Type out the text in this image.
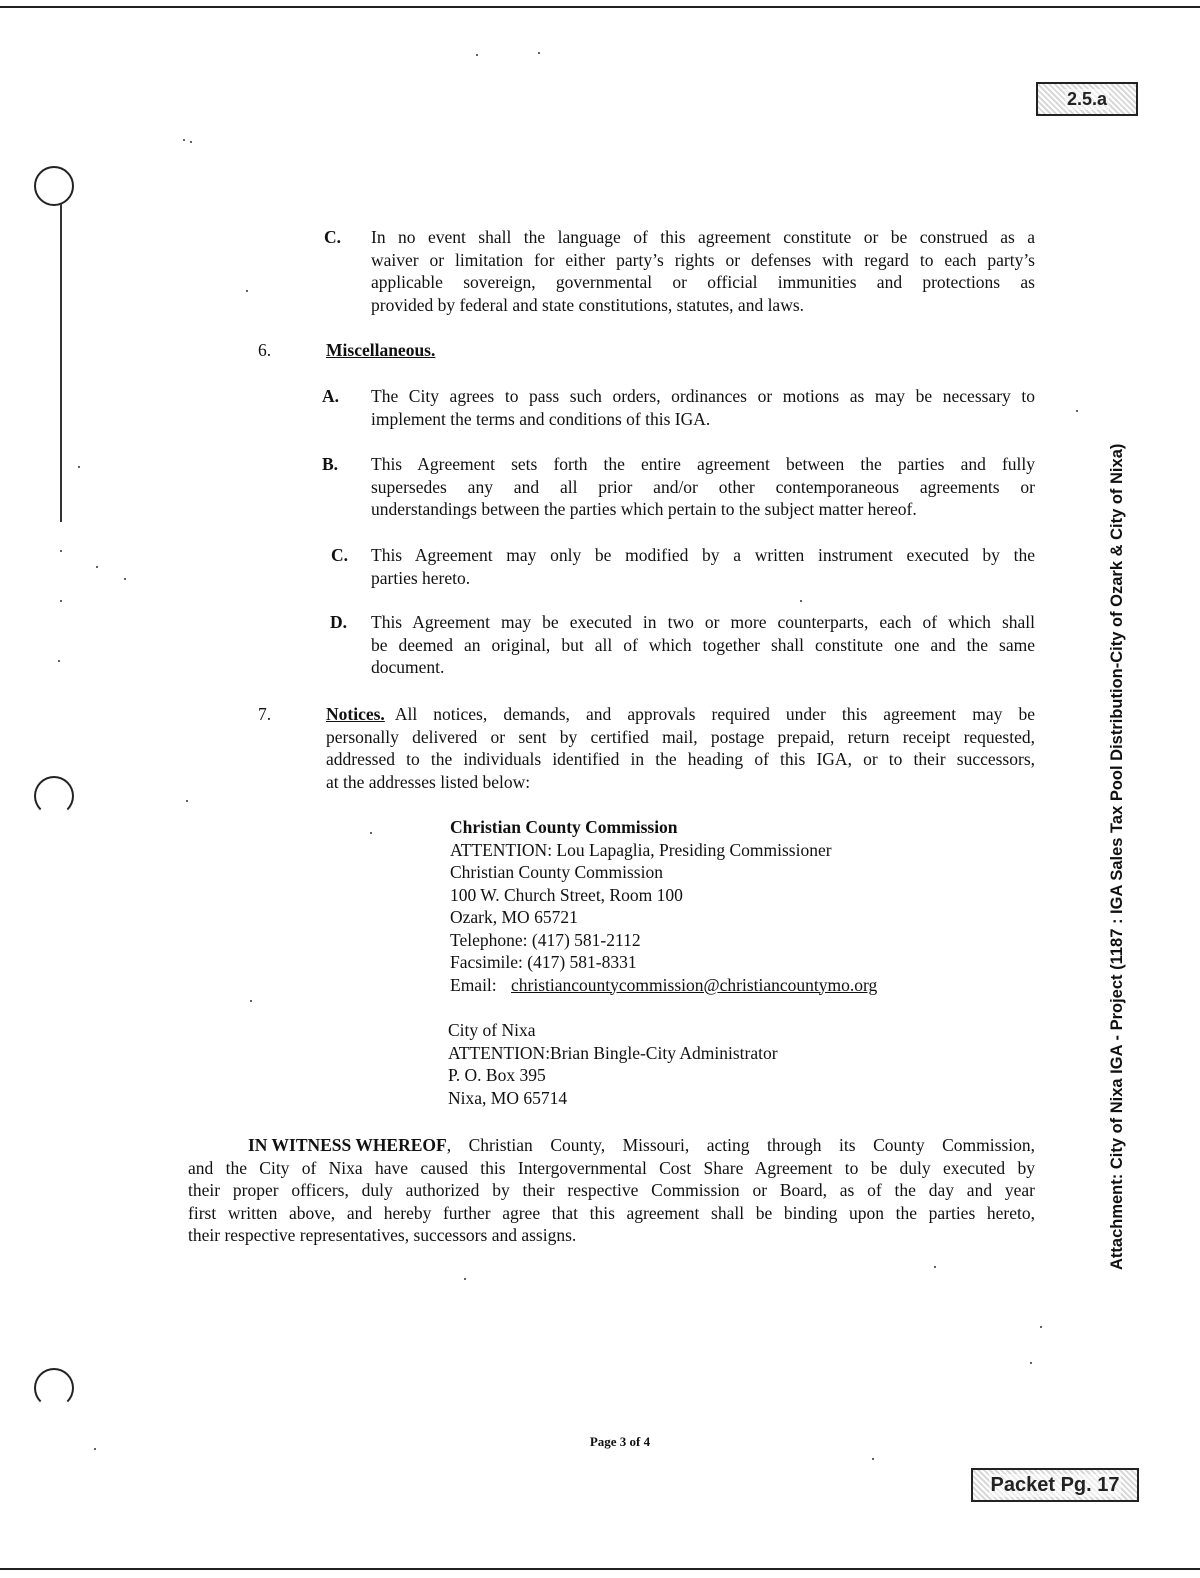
2.5.a
Attachment: City of Nixa IGA - Project (1187 : IGA Sales Tax Pool Distribution-City of Ozark & City of Nixa)
C. In no event shall the language of this agreement constitute or be construed as a
waiver or limitation for either party’s rights or defenses with regard to each party’s
applicable sovereign, governmental or official immunities and protections as
provided by federal and state constitutions, statutes, and laws.
6.	Miscellaneous.
A. The City agrees to pass such orders, ordinances or motions as may be necessary to
implement the terms and conditions of this IGA.
B. This Agreement sets forth the entire agreement between the parties and fully
supersedes any and all prior and/or other contemporaneous agreements or
understandings between the parties which pertain to the subject matter hereof.
C. This Agreement may only be modified by a written instrument executed by the
parties hereto.
D. This Agreement may be executed in two or more counterparts, each of which shall
be deemed an original, but all of which together shall constitute one and the same
document.
7.	Notices. All notices, demands, and approvals required under this agreement may be
personally delivered or sent by certified mail, postage prepaid, return receipt requested,
addressed to the individuals identified in the heading of this IGA, or to their successors,
at the addresses listed below:
Christian County Commission
ATTENTION: Lou Lapaglia, Presiding Commissioner
Christian County Commission
100 W. Church Street, Room 100
Ozark, MO 65721
Telephone: (417) 581-2112
Facsimile: (417) 581-8331
Email: christiancountycommission@christiancountymo.org
City of Nixa
ATTENTION:Brian Bingle-City Administrator
P. O. Box 395
Nixa, MO 65714
IN WITNESS WHEREOF , Christian County, Missouri, acting through its County Commission,
and the City of Nixa have caused this Intergovernmental Cost Share Agreement to be duly executed by
their proper officers, duly authorized by their respective Commission or Board, as of the day and year
first written above, and hereby further agree that this agreement shall be binding upon the parties hereto,
their respective representatives, successors and assigns.
Page 3 of 4
Packet Pg. 17
